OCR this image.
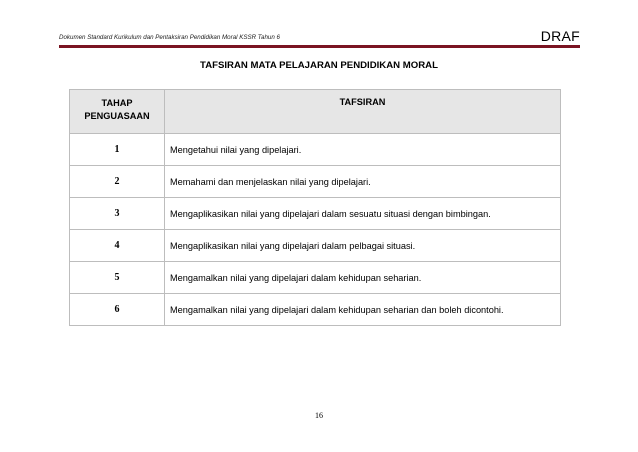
Dokumen Standard Kurikulum dan Pentaksiran Pendidikan Moral KSSR Tahun 6	DRAF
TAFSIRAN MATA PELAJARAN PENDIDIKAN MORAL
TAHAP
PENGUASAAN	TAFSIRAN
1	Mengetahui nilai yang dipelajari.
2	Memahami dan menjelaskan nilai yang dipelajari.
3	Mengaplikasikan nilai yang dipelajari dalam sesuatu situasi dengan bimbingan.
4	Mengaplikasikan nilai yang dipelajari dalam pelbagai situasi.
5	Mengamalkan nilai yang dipelajari dalam kehidupan seharian.
6	Mengamalkan nilai yang dipelajari dalam kehidupan seharian dan boleh dicontohi.
16
